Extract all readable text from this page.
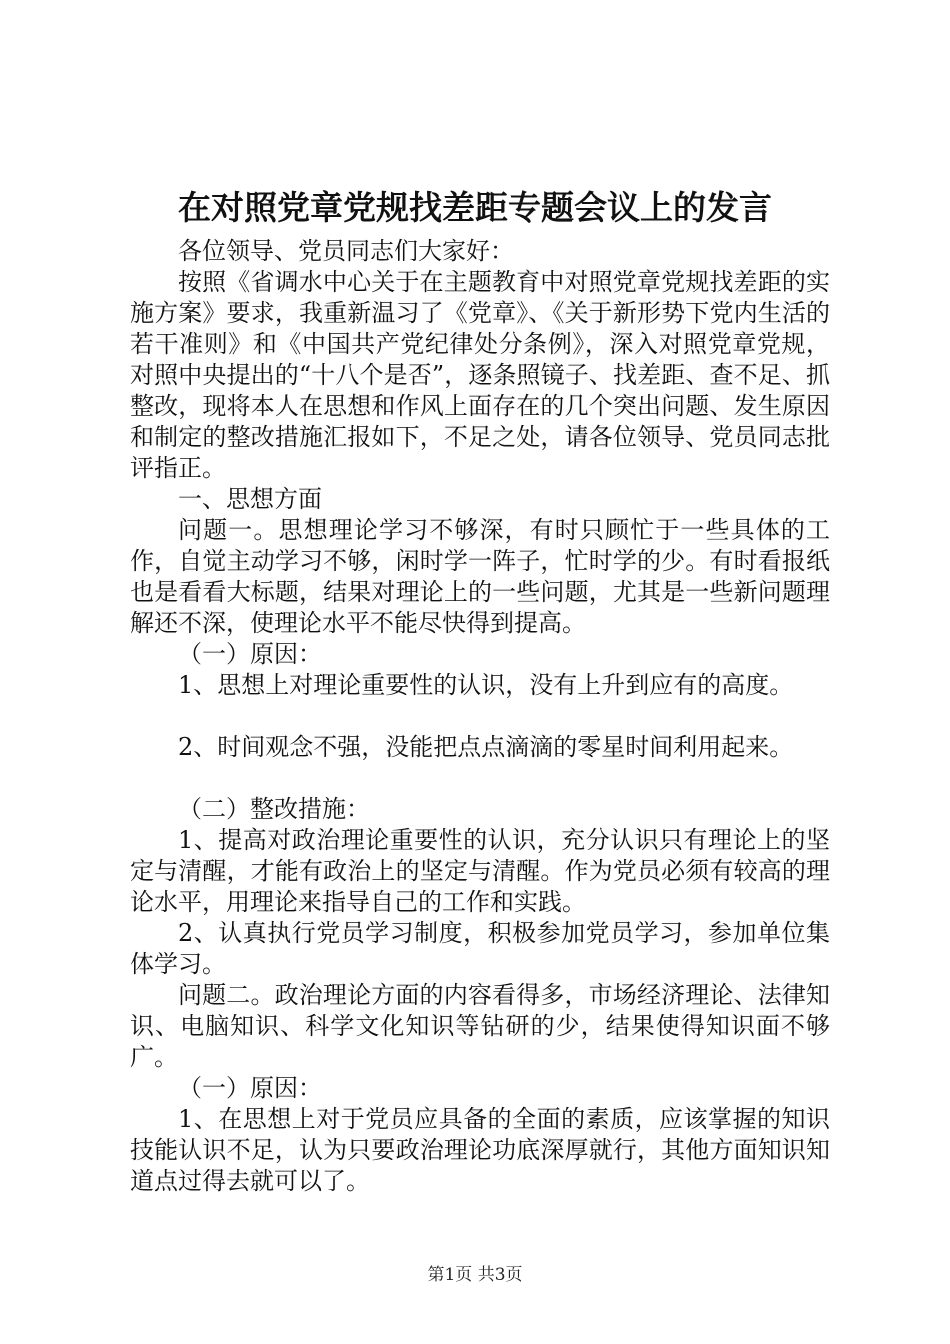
在对照党章党规找差距专题会议上的发言

各位领导、党员同志们大家好：

按照《省调水中心关于在主题教育中对照党章党规找差距的实施方案》要求，我重新温习了《党章》、《关于新形势下党内生活的若干准则》和《中国共产党纪律处分条例》，深入对照党章党规，对照中央提出的“十八个是否”，逐条照镜子、找差距、查不足、抓整改，现将本人在思想和作风上面存在的几个突出问题、发生原因和制定的整改措施汇报如下，不足之处，请各位领导、党员同志批评指正。

一、思想方面

问题一。思想理论学习不够深，有时只顾忙于一些具体的工作，自觉主动学习不够，闲时学一阵子，忙时学的少。有时看报纸也是看看大标题，结果对理论上的一些问题，尤其是一些新问题理解还不深，使理论水平不能尽快得到提高。

（一）原因：

1、思想上对理论重要性的认识，没有上升到应有的高度。

2、时间观念不强，没能把点点滴滴的零星时间利用起来。

（二）整改措施：

1、提高对政治理论重要性的认识，充分认识只有理论上的坚定与清醒，才能有政治上的坚定与清醒。作为党员必须有较高的理论水平，用理论来指导自己的工作和实践。

2、认真执行党员学习制度，积极参加党员学习，参加单位集体学习。

问题二。政治理论方面的内容看得多，市场经济理论、法律知识、电脑知识、科学文化知识等钻研的少，结果使得知识面不够广。

（一）原因：

1、在思想上对于党员应具备的全面的素质，应该掌握的知识技能认识不足，认为只要政治理论功底深厚就行，其他方面知识知道点过得去就可以了。

第1页 共3页
